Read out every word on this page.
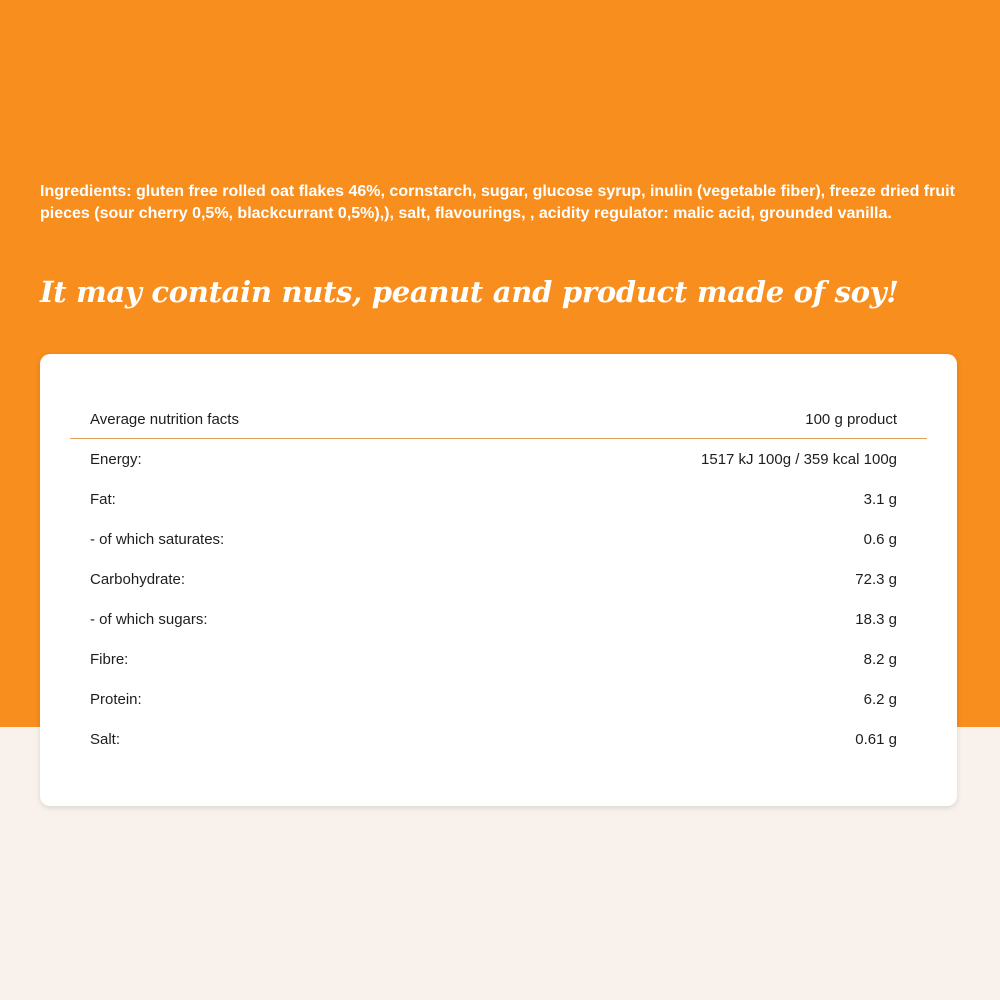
Ingredients: gluten free rolled oat flakes 46%, cornstarch, sugar, glucose syrup, inulin (vegetable fiber), freeze dried fruit pieces (sour cherry 0,5%, blackcurrant 0,5%),), salt, flavourings, , acidity regulator: malic acid, grounded vanilla.

It may contain nuts, peanut and product made of soy!

Average nutrition facts	100 g product
Energy:	1517 kJ 100g / 359 kcal 100g
Fat:	3.1 g
- of which saturates:	0.6 g
Carbohydrate:	72.3 g
- of which sugars:	18.3 g
Fibre:	8.2 g
Protein:	6.2 g
Salt:	0.61 g
